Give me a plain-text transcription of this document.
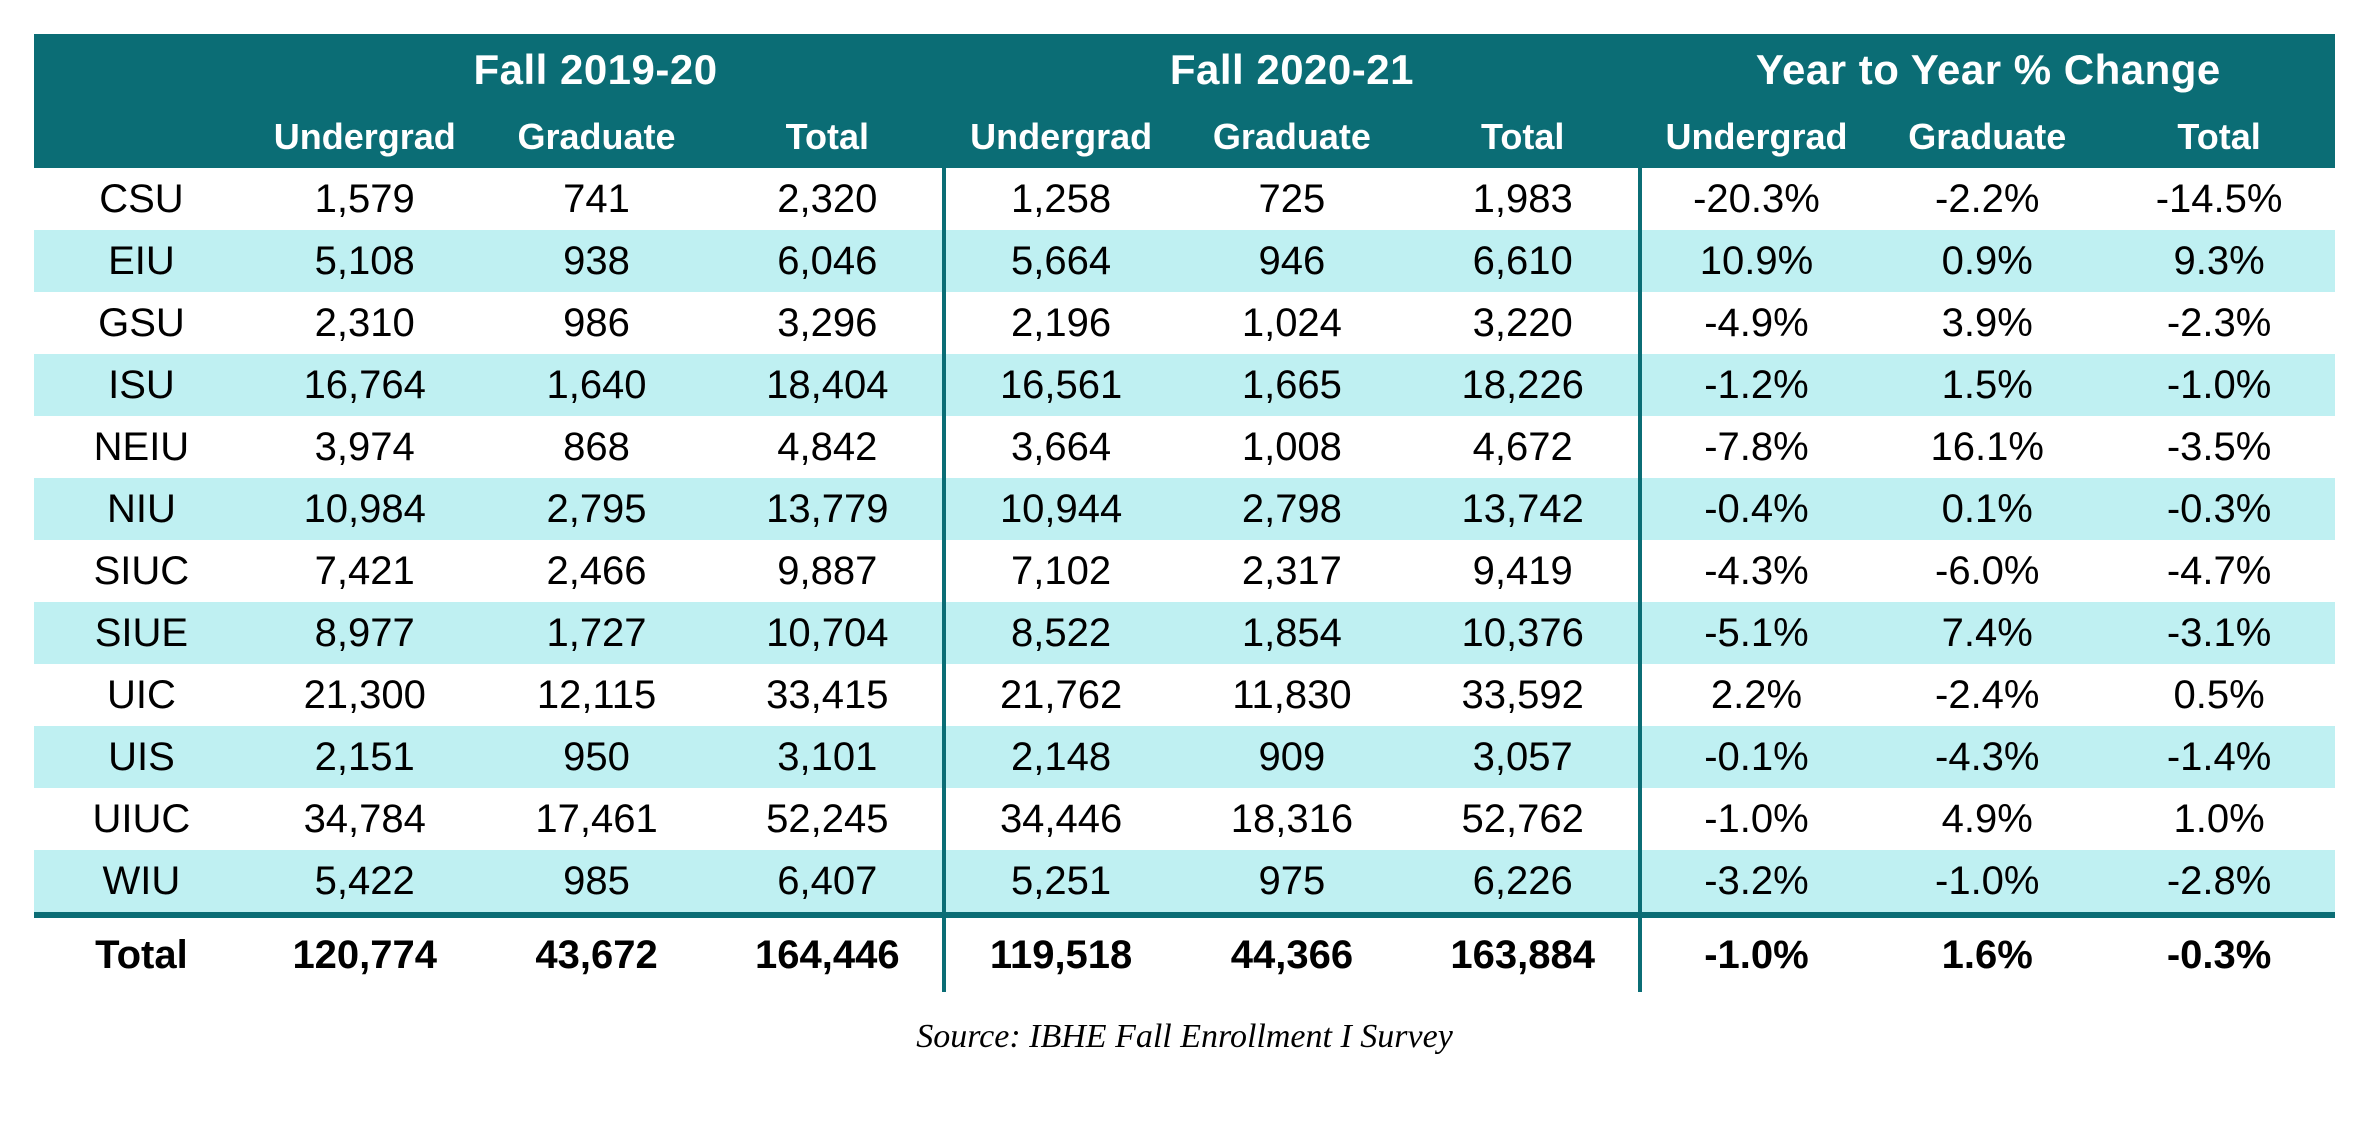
	Fall 2019-20			Fall 2020-21			Year to Year % Change		
	Undergrad	Graduate	Total	Undergrad	Graduate	Total	Undergrad	Graduate	Total
CSU	1,579	741	2,320	1,258	725	1,983	-20.3%	-2.2%	-14.5%
EIU	5,108	938	6,046	5,664	946	6,610	10.9%	0.9%	9.3%
GSU	2,310	986	3,296	2,196	1,024	3,220	-4.9%	3.9%	-2.3%
ISU	16,764	1,640	18,404	16,561	1,665	18,226	-1.2%	1.5%	-1.0%
NEIU	3,974	868	4,842	3,664	1,008	4,672	-7.8%	16.1%	-3.5%
NIU	10,984	2,795	13,779	10,944	2,798	13,742	-0.4%	0.1%	-0.3%
SIUC	7,421	2,466	9,887	7,102	2,317	9,419	-4.3%	-6.0%	-4.7%
SIUE	8,977	1,727	10,704	8,522	1,854	10,376	-5.1%	7.4%	-3.1%
UIC	21,300	12,115	33,415	21,762	11,830	33,592	2.2%	-2.4%	0.5%
UIS	2,151	950	3,101	2,148	909	3,057	-0.1%	-4.3%	-1.4%
UIUC	34,784	17,461	52,245	34,446	18,316	52,762	-1.0%	4.9%	1.0%
WIU	5,422	985	6,407	5,251	975	6,226	-3.2%	-1.0%	-2.8%
Total	120,774	43,672	164,446	119,518	44,366	163,884	-1.0%	1.6%	-0.3%
Source: IBHE Fall Enrollment I Survey
